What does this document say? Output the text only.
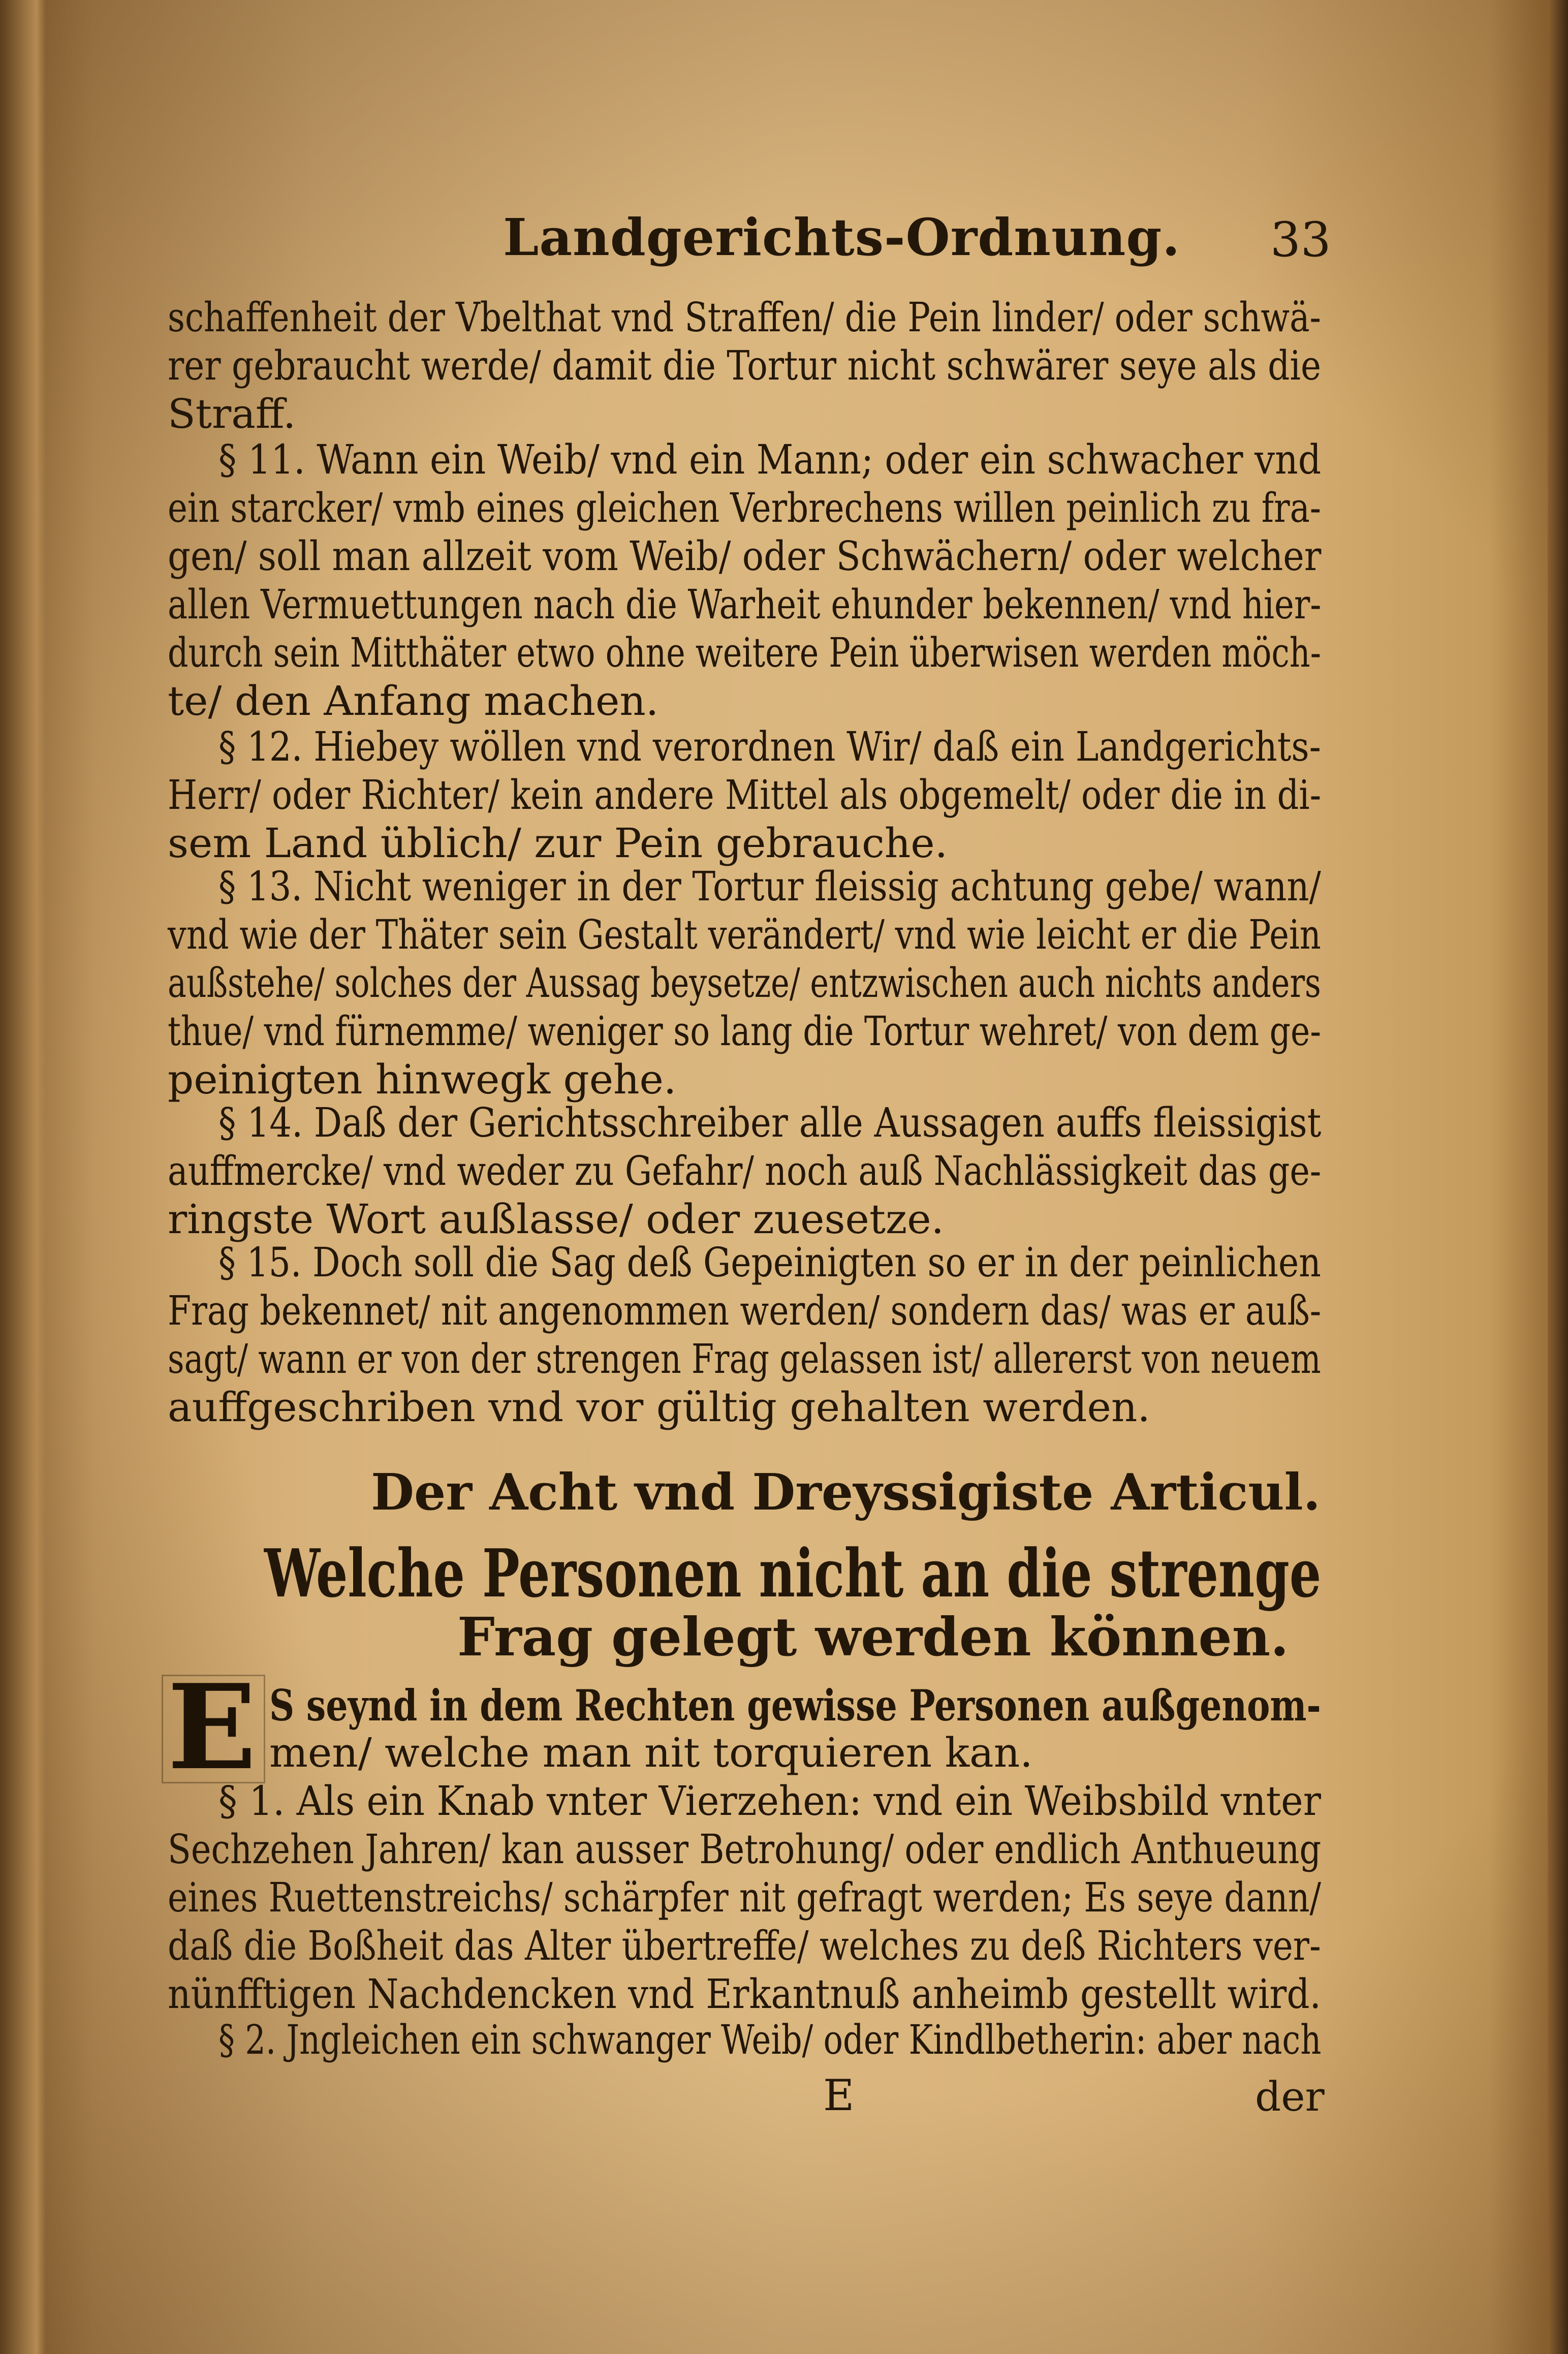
Landgerichts-Ordnung. 33
schaffenheit der Vbelthat vnd Straffen/ die Pein linder/ oder schwä-
rer gebraucht werde/ damit die Tortur nicht schwärer seye als die
Straff.
§ 11. Wann ein Weib/ vnd ein Mann; oder ein schwacher vnd
ein starcker/ vmb eines gleichen Verbrechens willen peinlich zu fra-
gen/ soll man allzeit vom Weib/ oder Schwächern/ oder welcher
allen Vermuettungen nach die Warheit ehunder bekennen/ vnd hier-
durch sein Mitthäter etwo ohne weitere Pein überwisen werden möch-
te/ den Anfang machen.
§ 12. Hiebey wöllen vnd verordnen Wir/ daß ein Landgerichts-
Herr/ oder Richter/ kein andere Mittel als obgemelt/ oder die in di-
sem Land üblich/ zur Pein gebrauche.
§ 13. Nicht weniger in der Tortur fleissig achtung gebe/ wann/
vnd wie der Thäter sein Gestalt verändert/ vnd wie leicht er die Pein
außstehe/ solches der Aussag beysetze/ entzwischen auch nichts anders
thue/ vnd fürnemme/ weniger so lang die Tortur wehret/ von dem ge-
peinigten hinwegk gehe.
§ 14. Daß der Gerichtsschreiber alle Aussagen auffs fleissigist
auffmercke/ vnd weder zu Gefahr/ noch auß Nachlässigkeit das ge-
ringste Wort außlasse/ oder zuesetze.
§ 15. Doch soll die Sag deß Gepeinigten so er in der peinlichen
Frag bekennet/ nit angenommen werden/ sondern das/ was er auß-
sagt/ wann er von der strengen Frag gelassen ist/ allererst von neuem
auffgeschriben vnd vor gültig gehalten werden.
Der Acht vnd Dreyssigiste Articul.
Welche Personen nicht an die strenge
Frag gelegt werden können.
E S seynd in dem Rechten gewisse Personen außgenom-
men/ welche man nit torquieren kan.
§ 1. Als ein Knab vnter Vierzehen: vnd ein Weibsbild vnter
Sechzehen Jahren/ kan ausser Betrohung/ oder endlich Anthueung
eines Ruettenstreichs/ schärpfer nit gefragt werden; Es seye dann/
daß die Boßheit das Alter übertreffe/ welches zu deß Richters ver-
nünfftigen Nachdencken vnd Erkantnuß anheimb gestellt wird.
§ 2. Jngleichen ein schwanger Weib/ oder Kindlbetherin: aber nach
E	der
